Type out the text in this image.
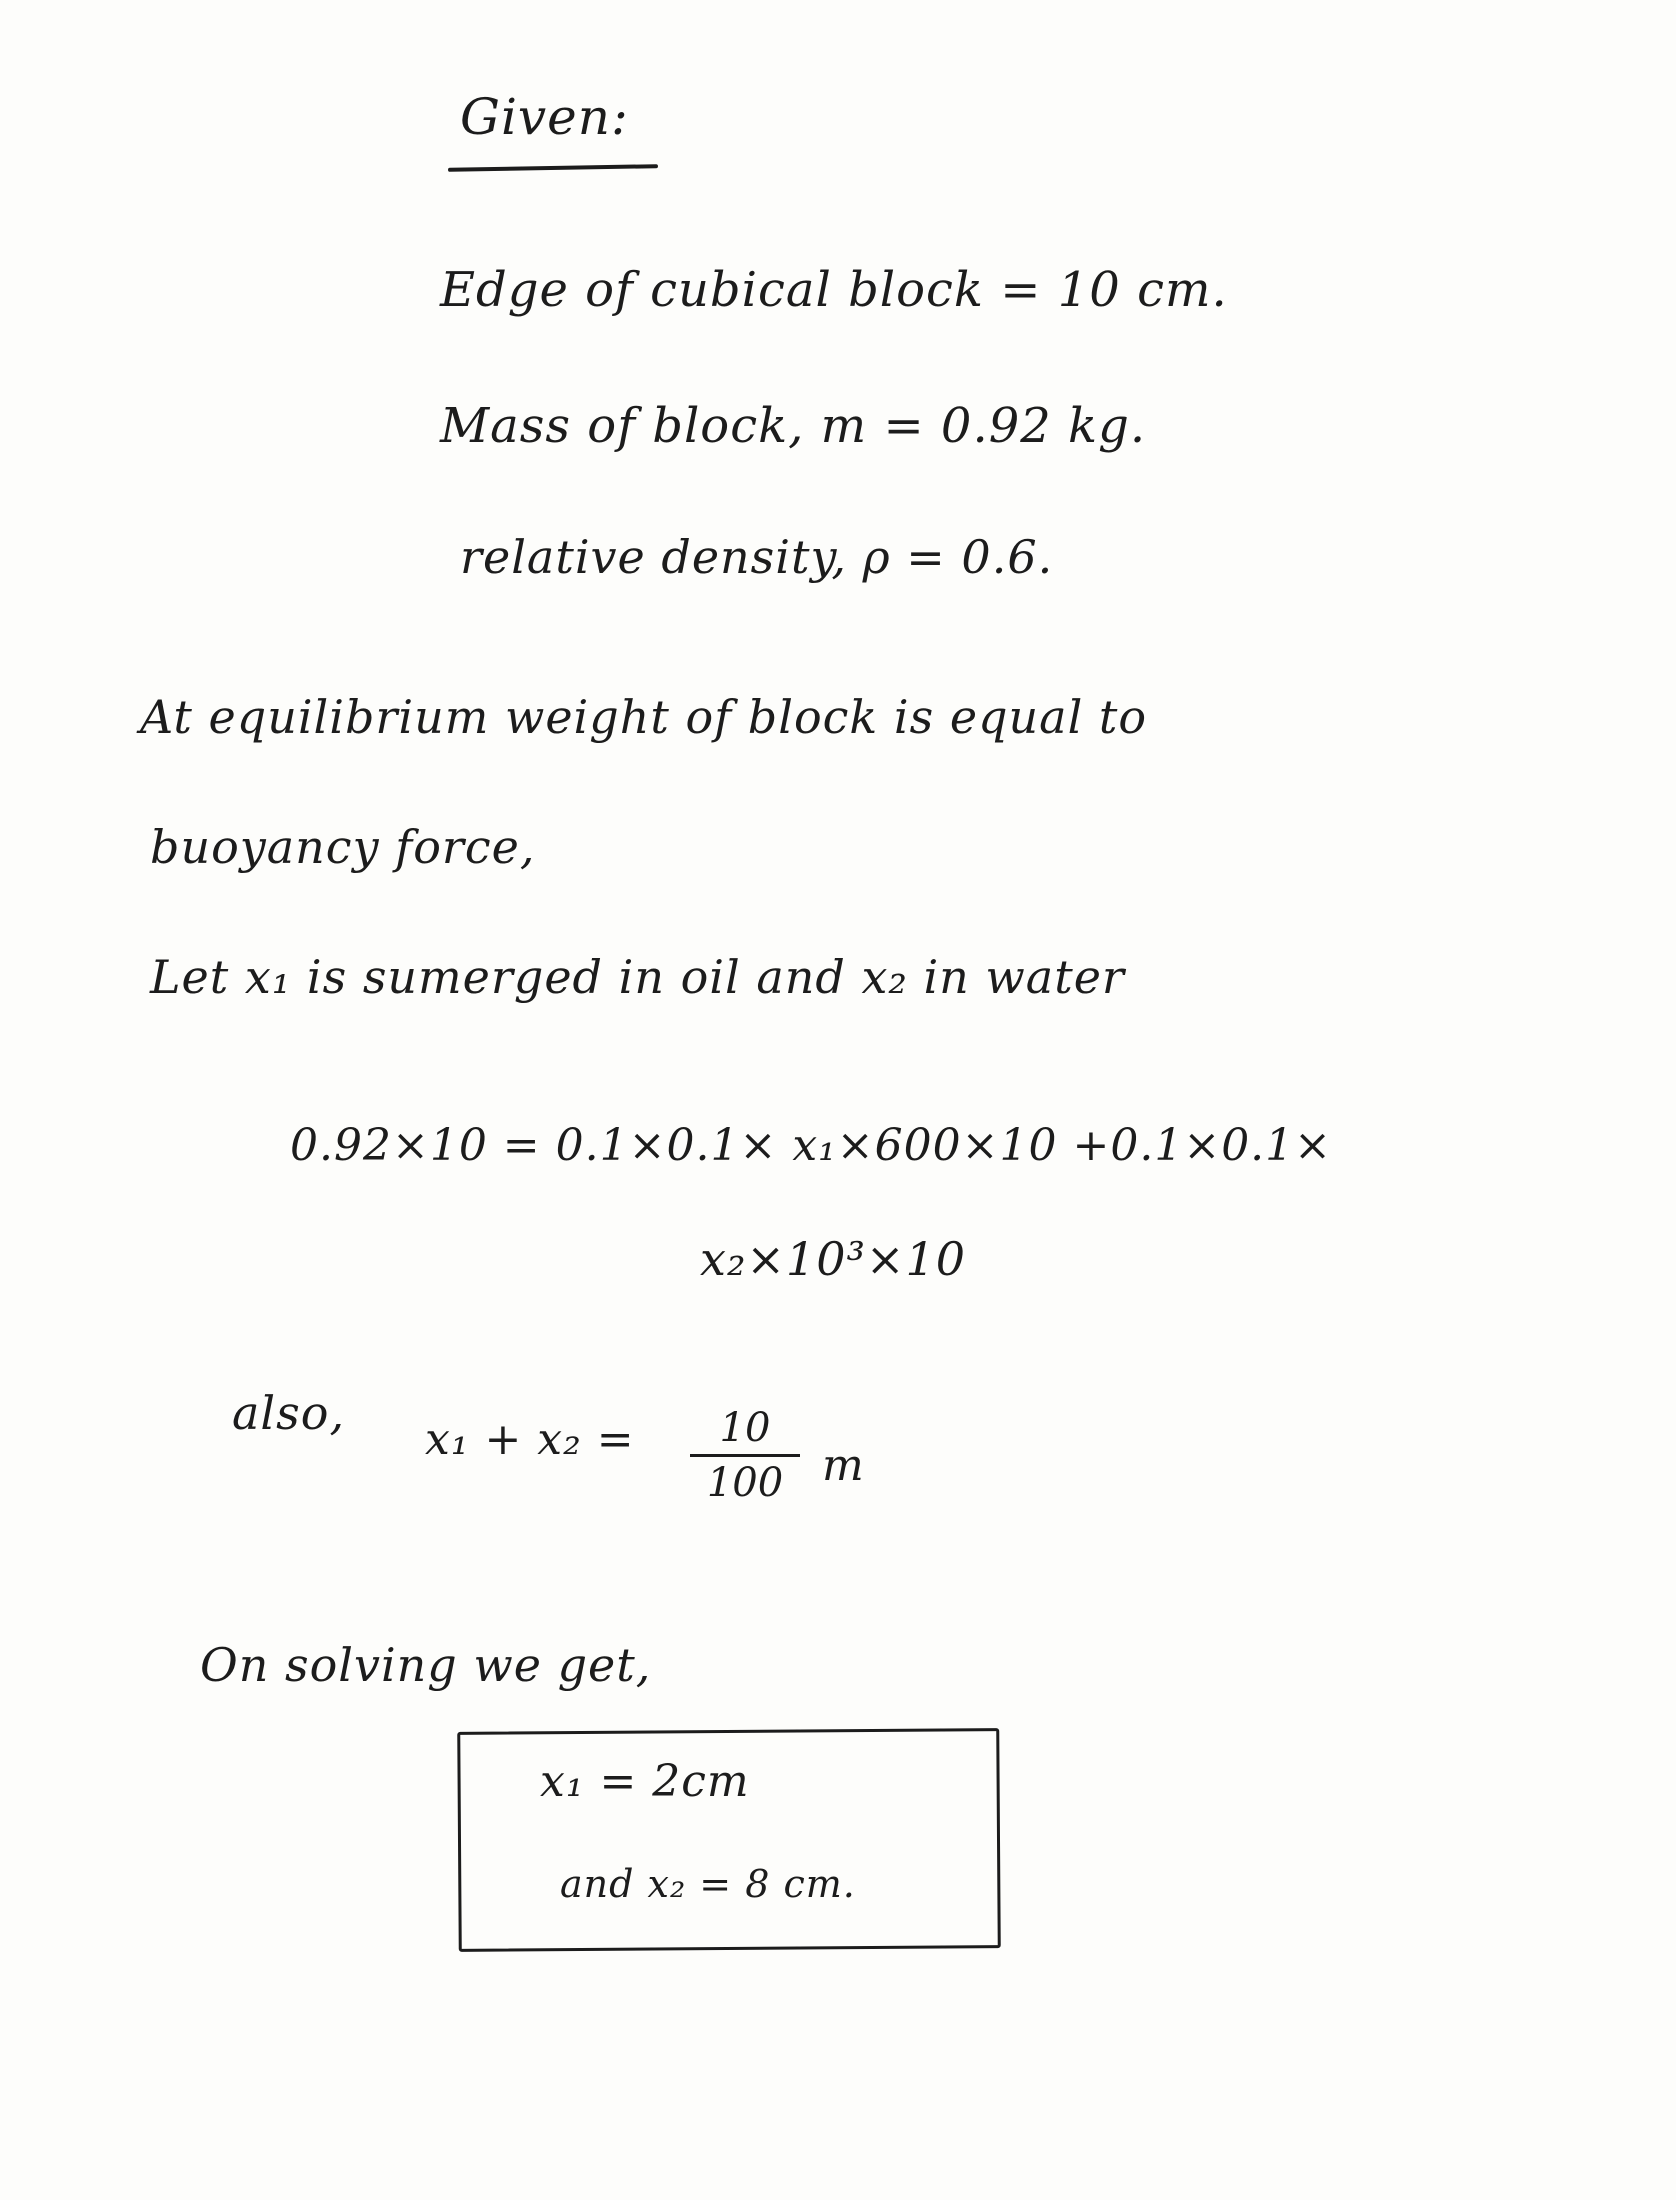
Given:
Edge of cubical block = 10 cm.
Mass of block, m = 0.92 kg.
relative density, ρ = 0.6.
At equilibrium weight of block is equal to
buoyancy force,
Let x₁ is sumerged in oil and x₂ in water
0.92×10 = 0.1×0.1× x₁×600×10 +0.1×0.1×
x₂×10³×10
also, x₁ + x₂ =	10
100 m
On solving we get,
x₁ = 2cm
and x₂ = 8 cm.
